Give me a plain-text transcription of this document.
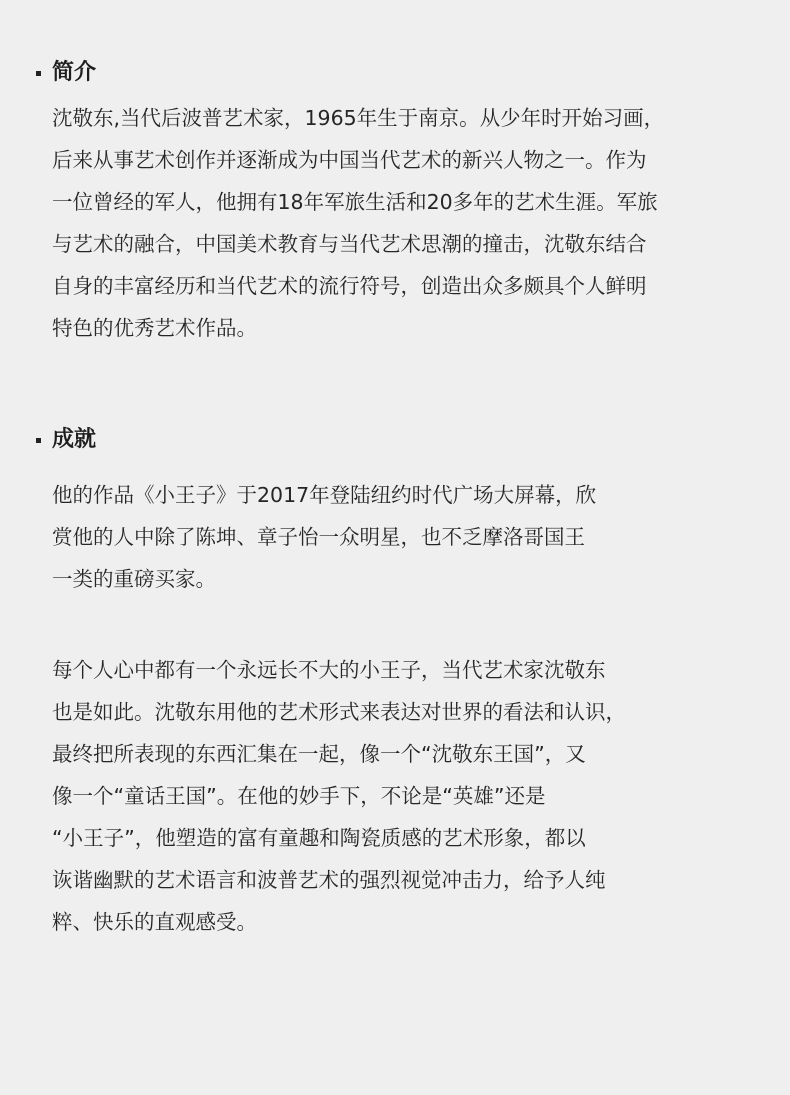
简介
沈敬东,当代后波普艺术家，1965年生于南京。从少年时开始习画，
后来从事艺术创作并逐渐成为中国当代艺术的新兴人物之一。作为
一位曾经的军人，他拥有18年军旅生活和20多年的艺术生涯。军旅
与艺术的融合，中国美术教育与当代艺术思潮的撞击，沈敬东结合
自身的丰富经历和当代艺术的流行符号，创造出众多颇具个人鲜明
特色的优秀艺术作品。
成就
他的作品《小王子》于2017年登陆纽约时代广场大屏幕，欣
赏他的人中除了陈坤、章子怡一众明星，也不乏摩洛哥国王
一类的重磅买家。
每个人心中都有一个永远长不大的小王子，当代艺术家沈敬东
也是如此。沈敬东用他的艺术形式来表达对世界的看法和认识，
最终把所表现的东西汇集在一起，像一个“沈敬东王国”，又
像一个“童话王国”。在他的妙手下，不论是“英雄”还是
“小王子”，他塑造的富有童趣和陶瓷质感的艺术形象，都以
诙谐幽默的艺术语言和波普艺术的强烈视觉冲击力，给予人纯
粹、快乐的直观感受。
